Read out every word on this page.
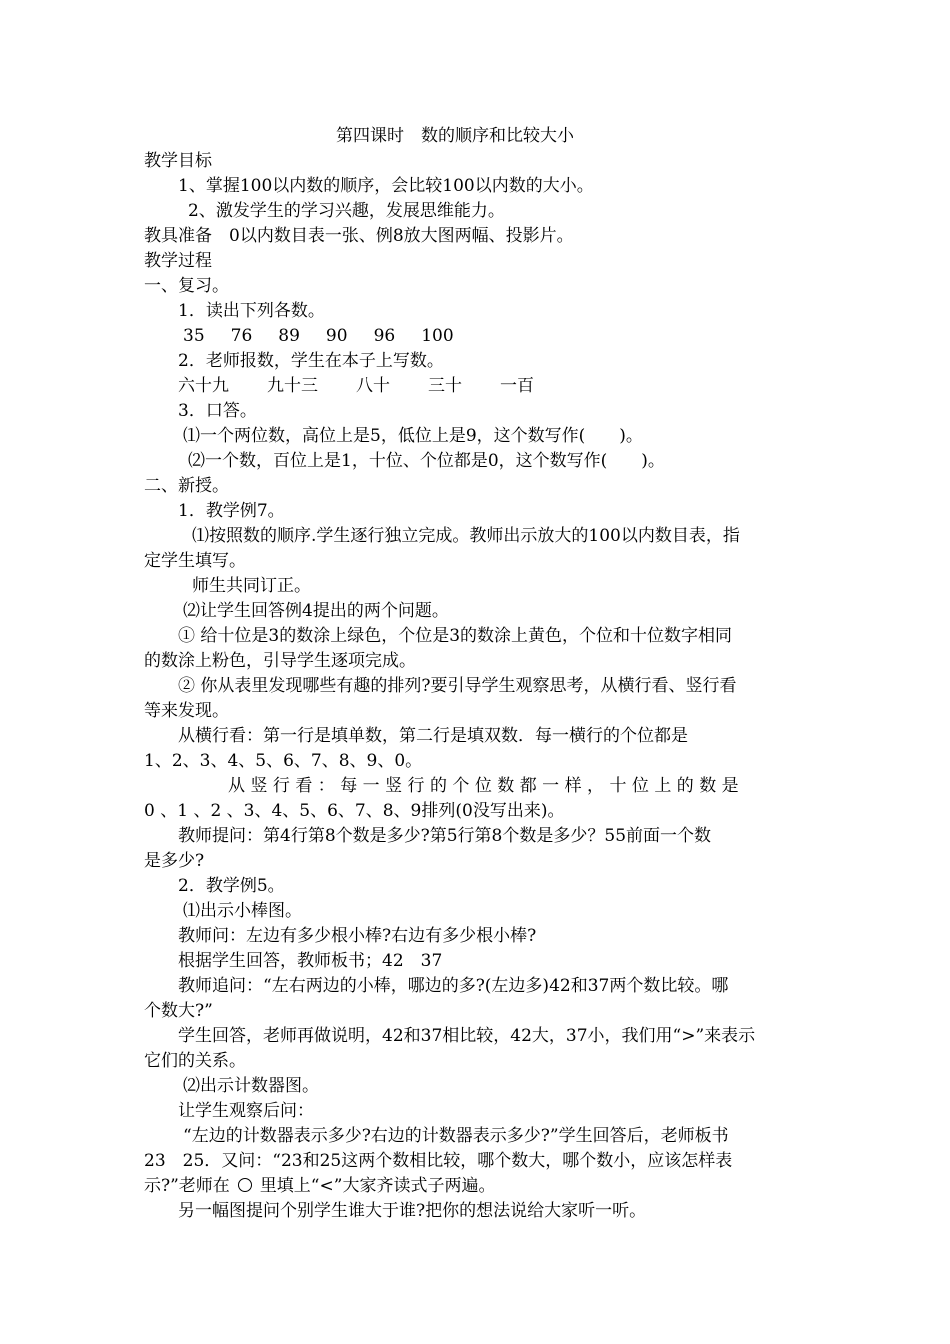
第四课时　数的顺序和比较大小
教学目标
1、掌握100以内数的顺序，会比较100以内数的大小。
2、激发学生的学习兴趣，发展思维能力。
教具准备　0以内数目表一张、例8放大图两幅、投影片。
教学过程
一、复习。
1．读出下列各数。
35 76 89 90 96 100
2．老师报数，学生在本子上写数。
六十九 九十三 八十 三十 一百
3．口答。
⑴一个两位数，高位上是5，低位上是9，这个数写作(　　)。
⑵一个数，百位上是1，十位、个位都是0，这个数写作(　　)。
二、新授。
1．教学例7。
⑴按照数的顺序.学生逐行独立完成。教师出示放大的100以内数目表，指
定学生填写。
师生共同订正。
⑵让学生回答例4提出的两个问题。
① 给十位是3的数涂上绿色，个位是3的数涂上黄色，个位和十位数字相同
的数涂上粉色，引导学生逐项完成。
② 你从表里发现哪些有趣的排列?要引导学生观察思考，从横行看、竖行看
等来发现。
从横行看：第一行是填单数，第二行是填双数．每一横行的个位都是
1、2、3、4、5、6、7、8、9、0。
从竖行看：每一竖行的个位数都一样，十位上的数是
0 、1 、2 、3、4、5、6、7、8、9排列(0没写出来)。
教师提问：第4行第8个数是多少?第5行第8个数是多少？55前面一个数
是多少?
2．教学例5。
⑴出示小棒图。
教师问：左边有多少根小棒?右边有多少根小棒?
根据学生回答，教师板书；42　37
教师追问：“左右两边的小棒，哪边的多?(左边多)42和37两个数比较。哪
个数大?”
学生回答，老师再做说明，42和37相比较，42大，37小，我们用“>”来表示
它们的关系。
⑵出示计数器图。
让学生观察后问：
“左边的计数器表示多少?右边的计数器表示多少?”学生回答后，老师板书
23　25．又问：“23和25这两个数相比较，哪个数大，哪个数小，应该怎样表
示?”老师在 里填上“<”大家齐读式子两遍。
另一幅图提问个别学生谁大于谁?把你的想法说给大家听一听。
